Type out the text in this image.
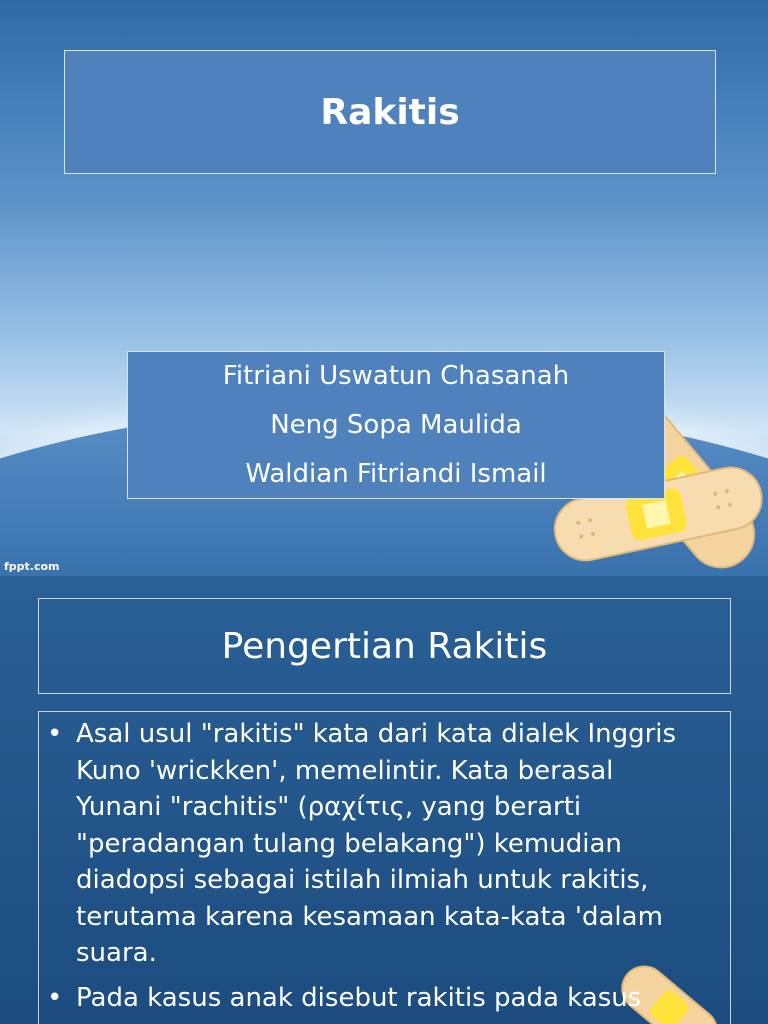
Rakitis
Fitriani Uswatun Chasanah
Neng Sopa Maulida
Waldian Fitriandi Ismail
fppt.com
Pengertian Rakitis
• Asal usul "rakitis" kata dari kata dialek Inggris
Kuno 'wrickken', memelintir. Kata berasal
Yunani "rachitis" (ραχίτις, yang berarti
"peradangan tulang belakang") kemudian
diadopsi sebagai istilah ilmiah untuk rakitis,
terutama karena kesamaan kata-kata 'dalam
suara.
• Pada kasus anak disebut rakitis pada kasus
